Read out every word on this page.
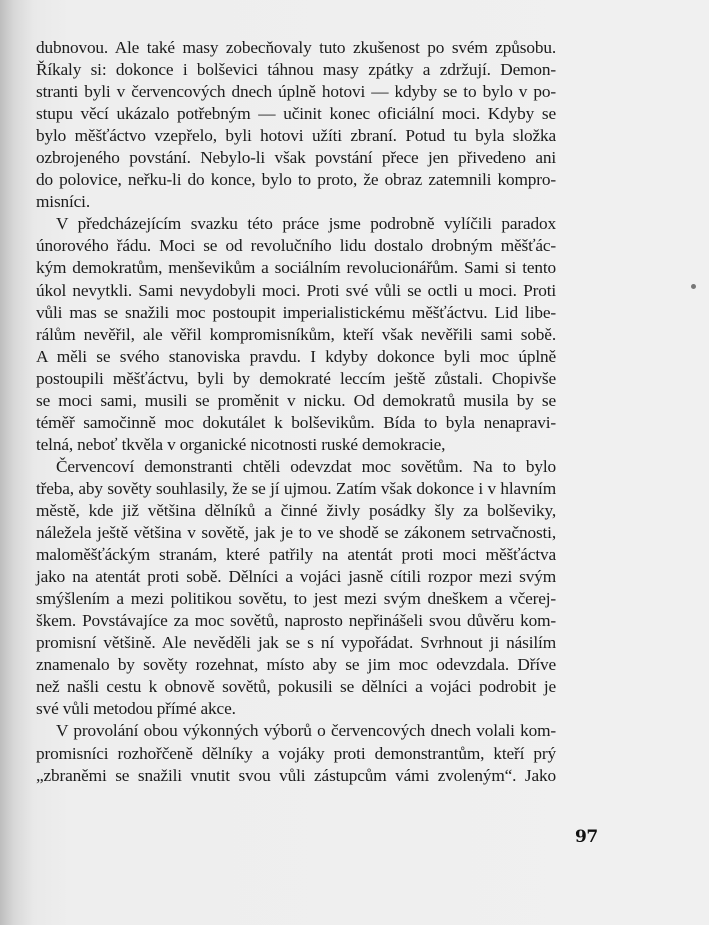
dubnovou. Ale také masy zobecňovaly tuto zkušenost po svém způsobu.
Říkaly si: dokonce i bolševici táhnou masy zpátky a zdržují. Demon-
stranti byli v červencových dnech úplně hotovi — kdyby se to bylo v po-
stupu věcí ukázalo potřebným — učinit konec oficiální moci. Kdyby se
bylo měšťáctvo vzepřelo, byli hotovi užíti zbraní. Potud tu byla složka
ozbrojeného povstání. Nebylo-li však povstání přece jen přivedeno ani
do polovice, neřku-li do konce, bylo to proto, že obraz zatemnili kompro-
misníci.
V předcházejícím svazku této práce jsme podrobně vylíčili paradox
únorového řádu. Moci se od revolučního lidu dostalo drobným měšťác-
kým demokratům, menševikům a sociálním revolucionářům. Sami si tento
úkol nevytkli. Sami nevydobyli moci. Proti své vůli se octli u moci. Proti
vůli mas se snažili moc postoupit imperialistickému měšťáctvu. Lid libe-
rálům nevěřil, ale věřil kompromisníkům, kteří však nevěřili sami sobě.
A měli se svého stanoviska pravdu. I kdyby dokonce byli moc úplně
postoupili měšťáctvu, byli by demokraté leccím ještě zůstali. Chopivše
se moci sami, musili se proměnit v nicku. Od demokratů musila by se
téměř samočinně moc dokutálet k bolševikům. Bída to byla nenapravi-
telná, neboť tkvěla v organické nicotnosti ruské demokracie,
Červencoví demonstranti chtěli odevzdat moc sovětům. Na to bylo
třeba, aby sověty souhlasily, že se jí ujmou. Zatím však dokonce i v hlavním
městě, kde již většina dělníků a činné živly posádky šly za bolševiky,
náležela ještě většina v sovětě, jak je to ve shodě se zákonem setrvačnosti,
maloměšťáckým stranám, které patřily na atentát proti moci měšťáctva
jako na atentát proti sobě. Dělníci a vojáci jasně cítili rozpor mezi svým
smýšlením a mezi politikou sovětu, to jest mezi svým dneškem a včerej-
škem. Povstávajíce za moc sovětů, naprosto nepřinášeli svou důvěru kom-
promisní většině. Ale nevěděli jak se s ní vypořádat. Svrhnout ji násilím
znamenalo by sověty rozehnat, místo aby se jim moc odevzdala. Dříve
než našli cestu k obnově sovětů, pokusili se dělníci a vojáci podrobit je
své vůli metodou přímé akce.
V provolání obou výkonných výborů o červencových dnech volali kom-
promisníci rozhořčeně dělníky a vojáky proti demonstrantům, kteří prý
„zbraněmi se snažili vnutit svou vůli zástupcům vámi zvoleným“. Jako
97
